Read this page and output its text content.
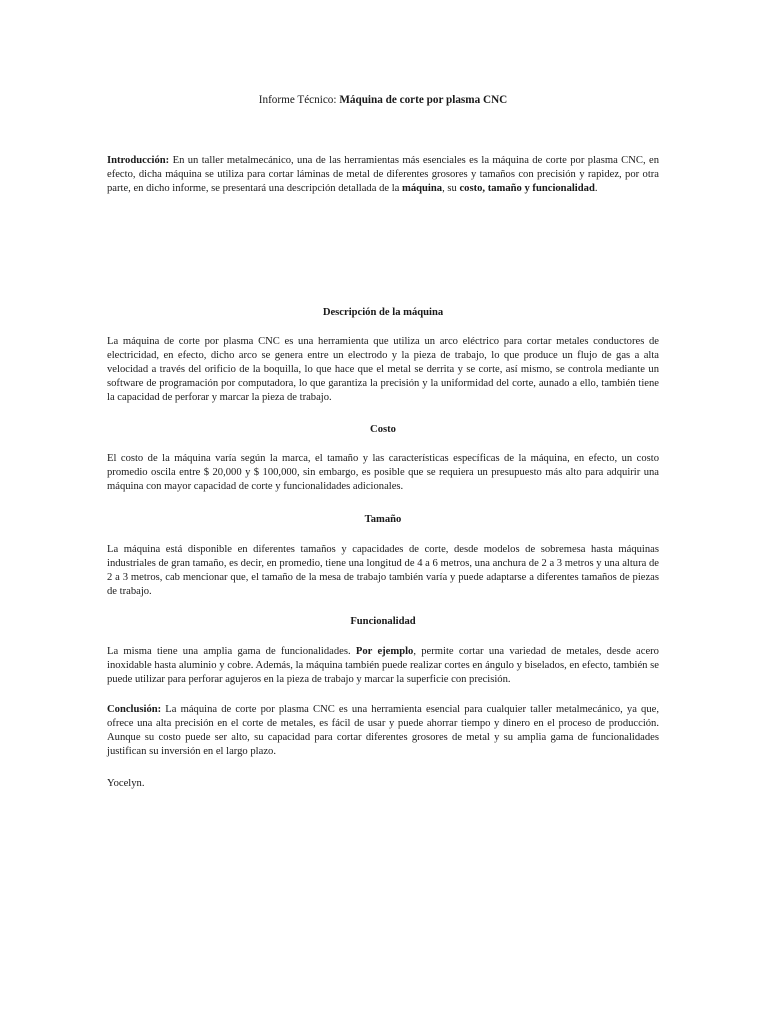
Informe Técnico: Máquina de corte por plasma CNC

Introducción: En un taller metalmecánico, una de las herramientas más esenciales es la máquina de corte por plasma CNC, en efecto, dicha máquina se utiliza para cortar láminas de metal de diferentes grosores y tamaños con precisión y rapidez, por otra parte, en dicho informe, se presentará una descripción detallada de la máquina, su costo, tamaño y funcionalidad.

Descripción de la máquina

La máquina de corte por plasma CNC es una herramienta que utiliza un arco eléctrico para cortar metales conductores de electricidad, en efecto, dicho arco se genera entre un electrodo y la pieza de trabajo, lo que produce un flujo de gas a alta velocidad a través del orificio de la boquilla, lo que hace que el metal se derrita y se corte, así mismo, se controla mediante un software de programación por computadora, lo que garantiza la precisión y la uniformidad del corte, aunado a ello, también tiene la capacidad de perforar y marcar la pieza de trabajo.

Costo

El costo de la máquina varía según la marca, el tamaño y las características específicas de la máquina, en efecto, un costo promedio oscila entre $ 20,000 y $ 100,000, sin embargo, es posible que se requiera un presupuesto más alto para adquirir una máquina con mayor capacidad de corte y funcionalidades adicionales.

Tamaño

La máquina está disponible en diferentes tamaños y capacidades de corte, desde modelos de sobremesa hasta máquinas industriales de gran tamaño, es decir, en promedio, tiene una longitud de 4 a 6 metros, una anchura de 2 a 3 metros y una altura de 2 a 3 metros, cab mencionar que, el tamaño de la mesa de trabajo también varía y puede adaptarse a diferentes tamaños de piezas de trabajo.

Funcionalidad

La misma tiene una amplia gama de funcionalidades. Por ejemplo, permite cortar una variedad de metales, desde acero inoxidable hasta aluminio y cobre. Además, la máquina también puede realizar cortes en ángulo y biselados, en efecto, también se puede utilizar para perforar agujeros en la pieza de trabajo y marcar la superficie con precisión.

Conclusión: La máquina de corte por plasma CNC es una herramienta esencial para cualquier taller metalmecánico, ya que, ofrece una alta precisión en el corte de metales, es fácil de usar y puede ahorrar tiempo y dinero en el proceso de producción. Aunque su costo puede ser alto, su capacidad para cortar diferentes grosores de metal y su amplia gama de funcionalidades justifican su inversión en el largo plazo.

Yocelyn.
